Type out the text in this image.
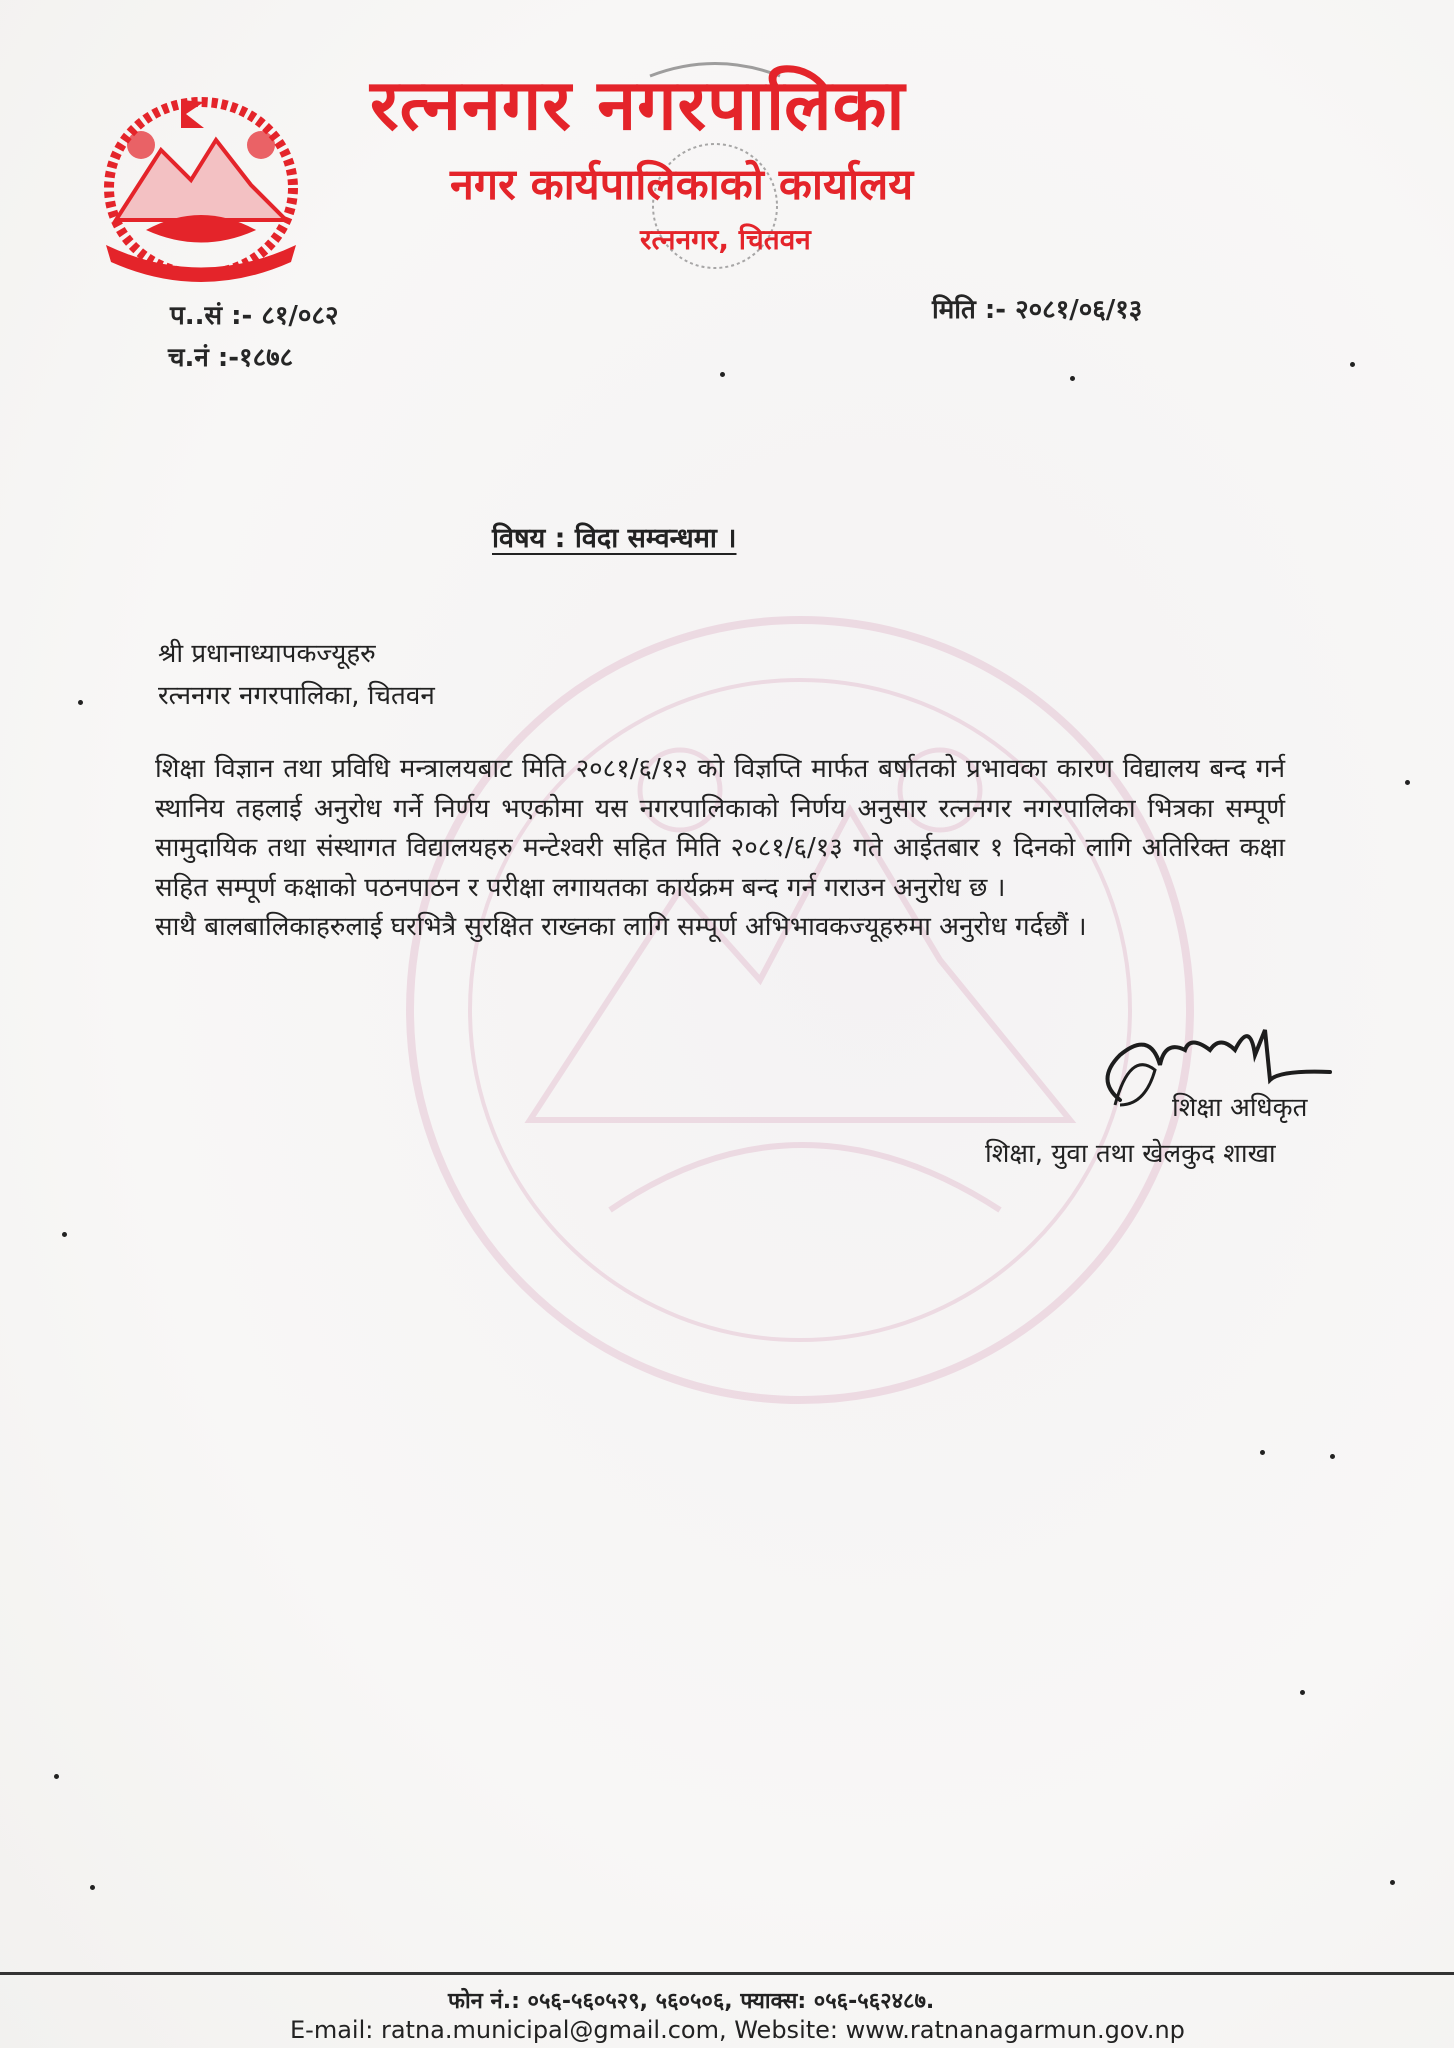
रत्ननगर नगरपालिका
नगर कार्यपालिकाको कार्यालय
रत्ननगर, चितवन
प..सं :- ८१/०८२
च.नं :-१८७८
मिति :- २०८१/०६/१३
विषय : विदा सम्वन्धमा ।
श्री प्रधानाध्यापकज्यूहरु
रत्ननगर नगरपालिका, चितवन

शिक्षा विज्ञान तथा प्रविधि मन्त्रालयबाट मिति २०८१/६/१२ को विज्ञप्ति मार्फत बर्षातको प्रभावका कारण विद्यालय बन्द गर्न स्थानिय तहलाई अनुरोध गर्ने निर्णय भएकोमा यस नगरपालिकाको निर्णय अनुसार रत्ननगर नगरपालिका भित्रका सम्पूर्ण सामुदायिक तथा संस्थागत विद्यालयहरु मन्टेश्वरी सहित मिति २०८१/६/१३ गते आईतबार १ दिनको लागि अतिरिक्त कक्षा सहित सम्पूर्ण कक्षाको पठनपाठन र परीक्षा लगायतका कार्यक्रम बन्द गर्न गराउन अनुरोध छ ।

साथै बालबालिकाहरुलाई घरभित्रै सुरक्षित राख्नका लागि सम्पूर्ण अभिभावकज्यूहरुमा अनुरोध गर्दछौं ।

शिक्षा अधिकृत
शिक्षा, युवा तथा खेलकुद शाखा
फोन नं.: ०५६-५६०५२९, ५६०५०६, फ्याक्स: ०५६-५६२४८७.
E-mail: ratna.municipal@gmail.com, Website: www.ratnanagarmun.gov.np
